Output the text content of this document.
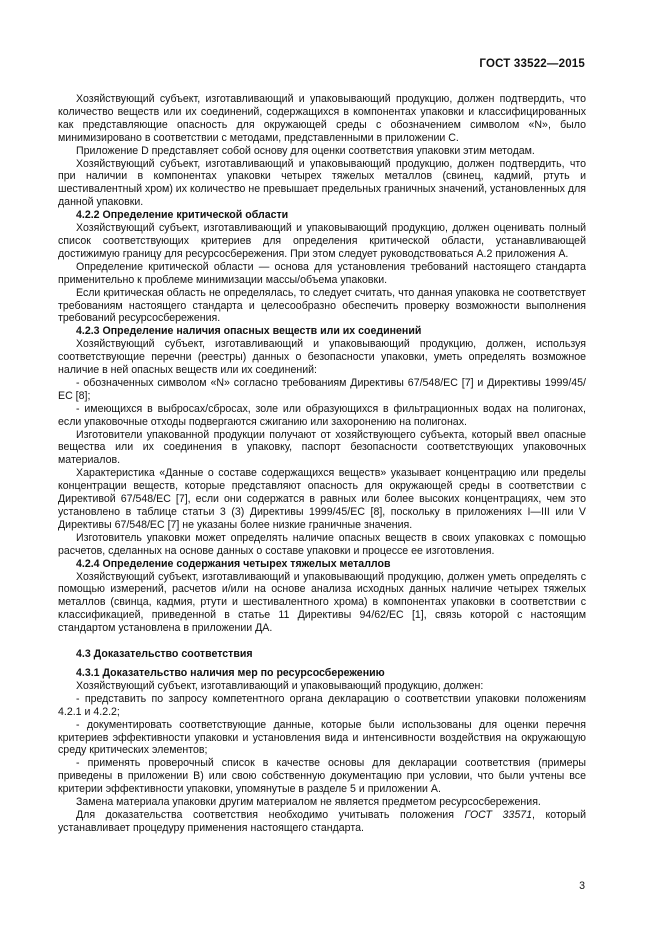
ГОСТ 33522—2015

Хозяйствующий субъект, изготавливающий и упаковывающий продукцию, должен подтвердить, что количество веществ или их соединений, содержащихся в компонентах упаковки и классифицированных как представляющие опасность для окружающей среды с обозначением символом «N», было минимизировано в соответствии с методами, представленными в приложении C.

Приложение D представляет собой основу для оценки соответствия упаковки этим методам.

Хозяйствующий субъект, изготавливающий и упаковывающий продукцию, должен подтвердить, что при наличии в компонентах упаковки четырех тяжелых металлов (свинец, кадмий, ртуть и шестивалентный хром) их количество не превышает предельных граничных значений, установленных для данной упаковки.

4.2.2 Определение критической области

Хозяйствующий субъект, изготавливающий и упаковывающий продукцию, должен оценивать полный список соответствующих критериев для определения критической области, устанавливающей достижимую границу для ресурсосбережения. При этом следует руководствоваться А.2 приложения А.

Определение критической области — основа для установления требований настоящего стандарта применительно к проблеме минимизации массы/объема упаковки.

Если критическая область не определялась, то следует считать, что данная упаковка не соответствует требованиям настоящего стандарта и целесообразно обеспечить проверку возможности выполнения требований ресурсосбережения.

4.2.3 Определение наличия опасных веществ или их соединений

Хозяйствующий субъект, изготавливающий и упаковывающий продукцию, должен, используя соответствующие перечни (реестры) данных о безопасности упаковки, уметь определять возможное наличие в ней опасных веществ или их соединений:

- обозначенных символом «N» согласно требованиям Директивы 67/548/ЕС [7] и Директивы 1999/45/ЕС [8];

- имеющихся в выбросах/сбросах, золе или образующихся в фильтрационных водах на полигонах, если упаковочные отходы подвергаются сжиганию или захоронению на полигонах.

Изготовители упакованной продукции получают от хозяйствующего субъекта, который ввел опасные вещества или их соединения в упаковку, паспорт безопасности соответствующих упаковочных материалов.

Характеристика «Данные о составе содержащихся веществ» указывает концентрацию или пределы концентрации веществ, которые представляют опасность для окружающей среды в соответствии с Директивой 67/548/ЕС [7], если они содержатся в равных или более высоких концентрациях, чем это установлено в таблице статьи 3 (3) Директивы 1999/45/ЕС [8], поскольку в приложениях I—III или V Директивы 67/548/ЕС [7] не указаны более низкие граничные значения.

Изготовитель упаковки может определять наличие опасных веществ в своих упаковках с помощью расчетов, сделанных на основе данных о составе упаковки и процессе ее изготовления.

4.2.4 Определение содержания четырех тяжелых металлов

Хозяйствующий субъект, изготавливающий и упаковывающий продукцию, должен уметь определять с помощью измерений, расчетов и/или на основе анализа исходных данных наличие четырех тяжелых металлов (свинца, кадмия, ртути и шестивалентного хрома) в компонентах упаковки в соответствии с классификацией, приведенной в статье 11 Директивы 94/62/ЕС [1], связь которой с настоящим стандартом установлена в приложении ДА.

4.3 Доказательство соответствия
4.3.1 Доказательство наличия мер по ресурсосбережению

Хозяйствующий субъект, изготавливающий и упаковывающий продукцию, должен:

- представить по запросу компетентного органа декларацию о соответствии упаковки положениям 4.2.1 и 4.2.2;

- документировать соответствующие данные, которые были использованы для оценки перечня критериев эффективности упаковки и установления вида и интенсивности воздействия на окружающую среду критических элементов;

- применять проверочный список в качестве основы для декларации соответствия (примеры приведены в приложении В) или свою собственную документацию при условии, что были учтены все критерии эффективности упаковки, упомянутые в разделе 5 и приложении А.

Замена материала упаковки другим материалом не является предметом ресурсосбережения.

Для доказательства соответствия необходимо учитывать положения ГОСТ 33571, который устанавливает процедуру применения настоящего стандарта.

3
